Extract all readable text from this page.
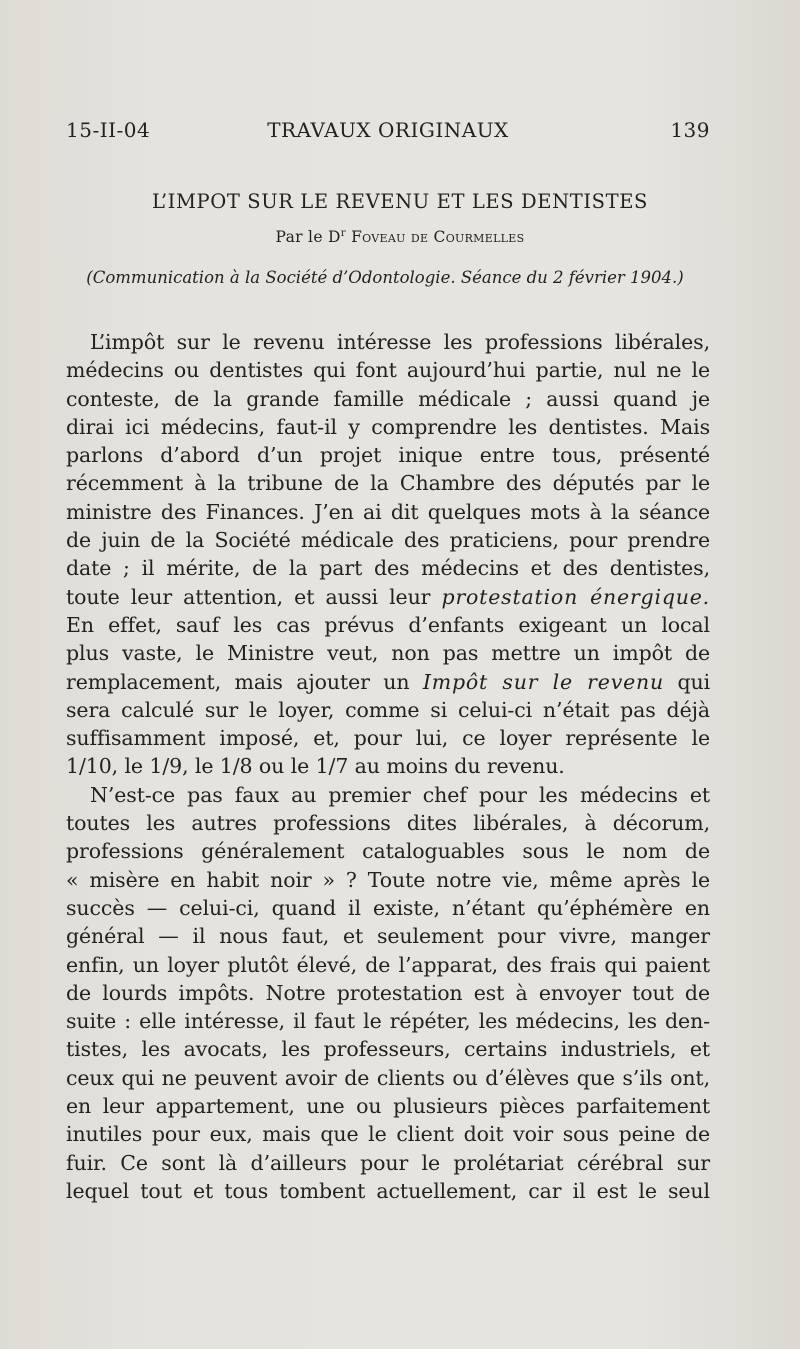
15-II-04	TRAVAUX ORIGINAUX	139
L’IMPOT SUR LE REVENU ET LES DENTISTES
Par le $D^r$ Foveau de Courmelles
(Communication à la Société d’Odontologie. Séance du 2 février 1904.)
L’impôt sur le revenu intéresse les professions libérales,
médecins ou dentistes qui font aujourd’hui partie, nul ne le
conteste, de la grande famille médicale ; aussi quand je
dirai ici médecins, faut-il y comprendre les dentistes. Mais
parlons d’abord d’un projet inique entre tous, présenté
récemment à la tribune de la Chambre des députés par le
ministre des Finances. J’en ai dit quelques mots à la séance
de juin de la Société médicale des praticiens, pour prendre
date ; il mérite, de la part des médecins et des dentistes,
toute leur attention, et aussi leur protestation énergique.
En effet, sauf les cas prévus d’enfants exigeant un local
plus vaste, le Ministre veut, non pas mettre un impôt de
remplacement, mais ajouter un Impôt sur le revenu qui
sera calculé sur le loyer, comme si celui-ci n’était pas déjà
suffisamment imposé, et, pour lui, ce loyer représente le
1/10, le 1/9, le 1/8 ou le 1/7 au moins du revenu.
N’est-ce pas faux au premier chef pour les médecins et
toutes les autres professions dites libérales, à décorum,
professions généralement cataloguables sous le nom de
« misère en habit noir » ? Toute notre vie, même après le
succès — celui-ci, quand il existe, n’étant qu’éphémère en
général — il nous faut, et seulement pour vivre, manger
enfin, un loyer plutôt élevé, de l’apparat, des frais qui paient
de lourds impôts. Notre protestation est à envoyer tout de
suite : elle intéresse, il faut le répéter, les médecins, les den-
tistes, les avocats, les professeurs, certains industriels, et
ceux qui ne peuvent avoir de clients ou d’élèves que s’ils ont,
en leur appartement, une ou plusieurs pièces parfaitement
inutiles pour eux, mais que le client doit voir sous peine de
fuir. Ce sont là d’ailleurs pour le prolétariat cérébral sur
lequel tout et tous tombent actuellement, car il est le seul
